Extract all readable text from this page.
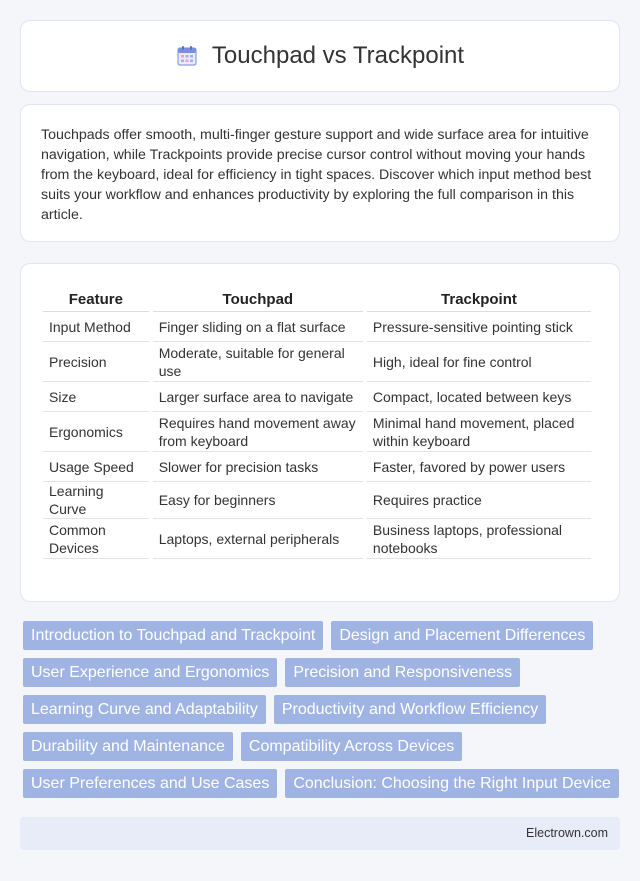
Touchpad vs Trackpoint

Touchpads offer smooth, multi-finger gesture support and wide surface area for intuitive navigation, while Trackpoints provide precise cursor control without moving your hands from the keyboard, ideal for efficiency in tight spaces. Discover which input method best suits your workflow and enhances productivity by exploring the full comparison in this article.

Feature	Touchpad	Trackpoint
Input Method	Finger sliding on a flat surface	Pressure-sensitive pointing stick
Precision	Moderate, suitable for general use	High, ideal for fine control
Size	Larger surface area to navigate	Compact, located between keys
Ergonomics	Requires hand movement away from keyboard	Minimal hand movement, placed within keyboard
Usage Speed	Slower for precision tasks	Faster, favored by power users
Learning Curve	Easy for beginners	Requires practice
Common Devices	Laptops, external peripherals	Business laptops, professional notebooks
Introduction to Touchpad and Trackpoint	Design and Placement Differences
User Experience and Ergonomics	Precision and Responsiveness
Learning Curve and Adaptability	Productivity and Workflow Efficiency
Durability and Maintenance	Compatibility Across Devices
User Preferences and Use Cases	Conclusion: Choosing the Right Input Device
Electrown.com
